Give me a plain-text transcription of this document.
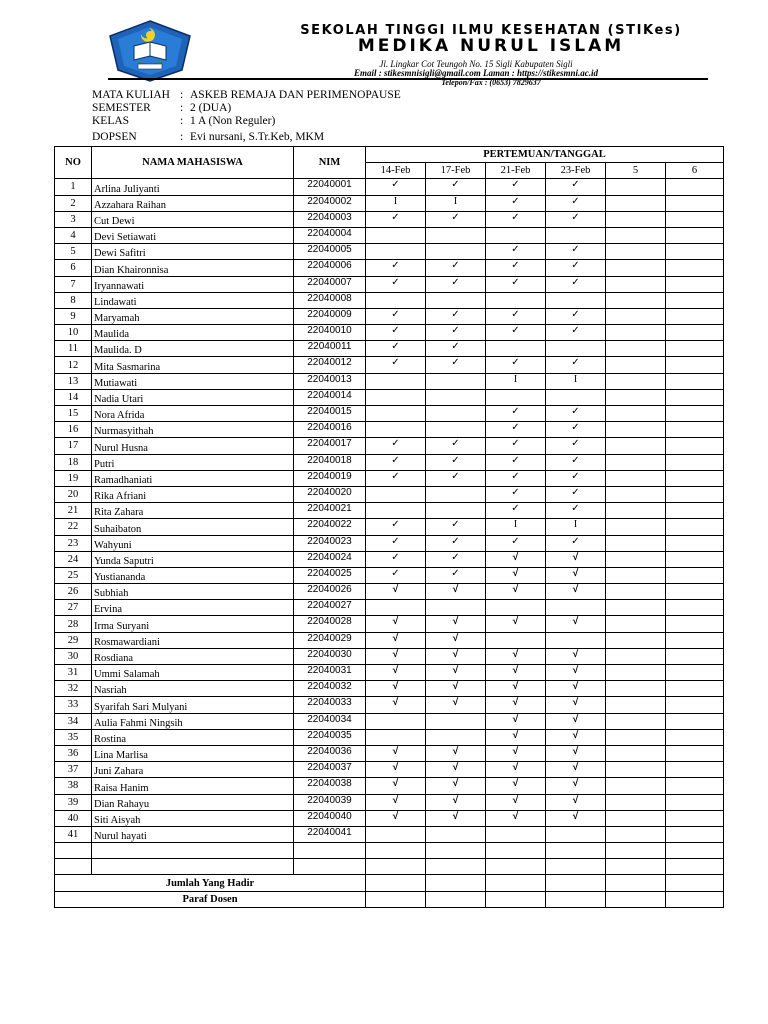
SEKOLAH TINGGI ILMU KESEHATAN (STIKes)
MEDIKA NURUL ISLAM
Jl. Lingkar Cot Teungoh No. 15 Sigli Kabupaten Sigli
Email : stikesmnisigli@gmail.com Laman : https://stikesmni.ac.id
Telepon/Fax : (0653) 7829637
MATA KULIAH : ASKEB REMAJA DAN PERIMENOPAUSE
SEMESTER	: 2 (DUA)
KELAS	: 1 A (Non Reguler)
DOPSEN	: Evi nursani, S.Tr.Keb, MKM
NO	NAMA MAHASISWA	NIM	PERTEMUAN/TANGGAL					
			14-Feb	17-Feb	21-Feb	23-Feb	5	6
1	Arlina Juliyanti	22040001	✓	✓	✓	✓		
2	Azzahara Raihan	22040002	I	I	✓	✓		
3	Cut Dewi	22040003	✓	✓	✓	✓		
4	Devi Setiawati	22040004						
5	Dewi Safitri	22040005			✓	✓		
6	Dian Khaironnisa	22040006	✓	✓	✓	✓		
7	Iryannawati	22040007	✓	✓	✓	✓		
8	Lindawati	22040008						
9	Maryamah	22040009	✓	✓	✓	✓		
10	Maulida	22040010	✓	✓	✓	✓		
11	Maulida. D	22040011	✓	✓				
12	Mita Sasmarina	22040012	✓	✓	✓	✓		
13	Mutiawati	22040013			I	I		
14	Nadia Utari	22040014						
15	Nora Afrida	22040015			✓	✓		
16	Nurmasyithah	22040016			✓	✓		
17	Nurul Husna	22040017	✓	✓	✓	✓		
18	Putri	22040018	✓	✓	✓	✓		
19	Ramadhaniati	22040019	✓	✓	✓	✓		
20	Rika Afriani	22040020			✓	✓		
21	Rita Zahara	22040021			✓	✓		
22	Suhaibaton	22040022	✓	✓	I	I		
23	Wahyuni	22040023	✓	✓	✓	✓		
24	Yunda Saputri	22040024	✓	✓	√	√		
25	Yustiananda	22040025	✓	✓	√	√		
26	Subhiah	22040026	√	√	√	√		
27	Ervina	22040027						
28	Irma Suryani	22040028	√	√	√	√		
29	Rosmawardiani	22040029	√	√				
30	Rosdiana	22040030	√	√	√	√		
31	Ummi Salamah	22040031	√	√	√	√		
32	Nasriah	22040032	√	√	√	√		
33	Syarifah Sari Mulyani	22040033	√	√	√	√		
34	Aulia Fahmi Ningsih	22040034			√	√		
35	Rostina	22040035			√	√		
36	Lina Marlisa	22040036	√	√	√	√		
37	Juni Zahara	22040037	√	√	√	√		
38	Raisa Hanim	22040038	√	√	√	√		
39	Dian Rahayu	22040039	√	√	√	√		
40	Siti Aisyah	22040040	√	√	√	√		
41	Nurul hayati	22040041						

Jumlah Yang Hadir								
Paraf Dosen								
